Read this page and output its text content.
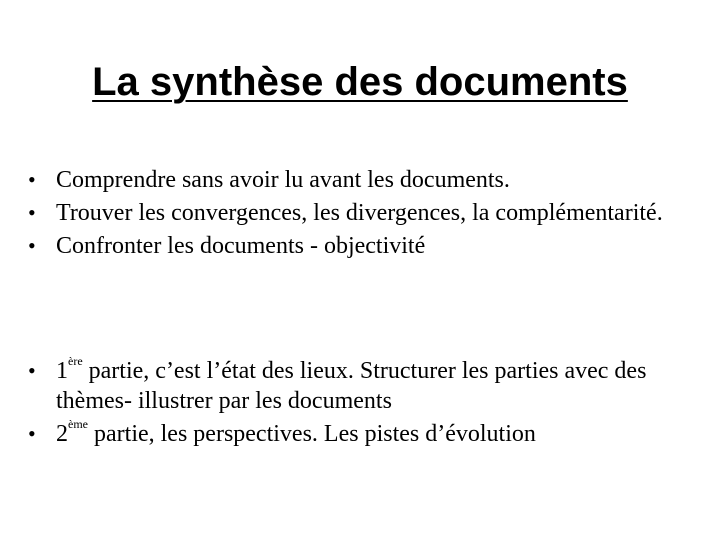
La synthèse des documents
• Comprendre sans avoir lu avant les documents.
• Trouver les convergences, les divergences, la complémentarité.
• Confronter les documents - objectivité
• 1ère partie, c’est l’état des lieux. Structurer les parties avec des thèmes- illustrer par les documents
• 2ème partie, les perspectives. Les pistes d’évolution
